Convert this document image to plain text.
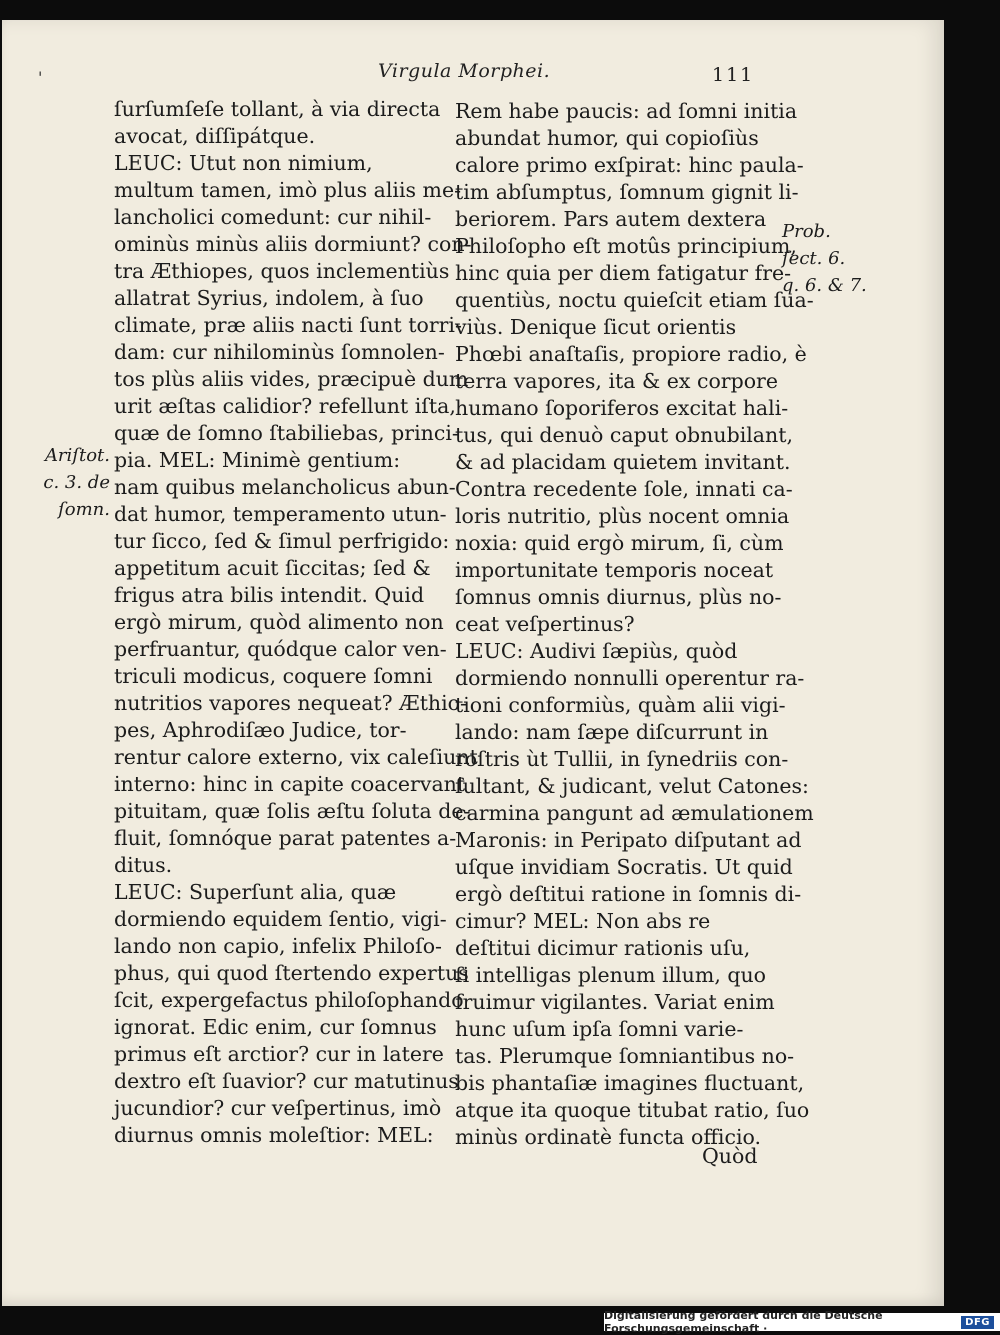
'	Virgula Morphei.	111
ſurſumſeſe tollant, à via directa
avocat, diſſipátque.
LEUC: Utut non nimium,
multum tamen, imò plus aliis me-
lancholici comedunt: cur nihil-
ominùs minùs aliis dormiunt? con-
tra Æthiopes, quos inclementiùs
allatrat Syrius, indolem, à ſuo
climate, præ aliis nacti ſunt torri-
dam: cur nihilominùs ſomnolen-
tos plùs aliis vides, præcipuè dum
urit æſtas calidior? refellunt iſta,
quæ de ſomno ſtabiliebas, princi-
pia. MEL: Minimè gentium:
nam quibus melancholicus abun-
dat humor, temperamento utun-
tur ſicco, ſed & ſimul perfrigido:
appetitum acuit ſiccitas; ſed &
frigus atra bilis intendit. Quid
ergò mirum, quòd alimento non
perfruantur, quódque calor ven-
triculi modicus, coquere ſomni
nutritios vapores nequeat? Æthio-
pes, Aphrodiſæo Judice, tor-
rentur calore externo, vix caleſiunt
interno: hinc in capite coacervant
pituitam, quæ ſolis æſtu ſoluta de-
fluit, ſomnóque parat patentes a-
ditus.
LEUC: Superſunt alia, quæ
dormiendo equidem ſentio, vigi-
lando non capio, infelix Philoſo-
phus, qui quod ſtertendo expertus
ſcit, expergefactus philoſophando
ignorat. Edic enim, cur ſomnus
primus eſt arctior? cur in latere
dextro eſt ſuavior? cur matutinus
jucundior? cur veſpertinus, imò
diurnus omnis moleſtior: MEL:
Rem habe paucis: ad ſomni initia
abundat humor, qui copioſiùs
calore primo exſpirat: hinc paula-
tim abſumptus, ſomnum gignit li-
beriorem. Pars autem dextera
Philoſopho eſt motûs principium,
hinc quia per diem fatigatur fre-
quentiùs, noctu quieſcit etiam ſua-
viùs. Denique ſicut orientis
Phœbi anaſtaſis, propiore radio, è
terra vapores, ita & ex corpore
humano ſoporiferos excitat hali-
tus, qui denuò caput obnubilant,
& ad placidam quietem invitant.
Contra recedente ſole, innati ca-
loris nutritio, plùs nocent omnia
noxia: quid ergò mirum, ſi, cùm
importunitate temporis noceat
ſomnus omnis diurnus, plùs no-
ceat veſpertinus?
LEUC: Audivi ſæpiùs, quòd
dormiendo nonnulli operentur ra-
tioni conformiùs, quàm alii vigi-
lando: nam ſæpe diſcurrunt in
roſtris ùt Tullii, in ſynedriis con-
ſultant, & judicant, velut Catones:
carmina pangunt ad æmulationem
Maronis: in Peripato diſputant ad
uſque invidiam Socratis. Ut quid
ergò deſtitui ratione in ſomnis di-
cimur? MEL: Non abs re
deſtitui dicimur rationis uſu,
ſi intelligas plenum illum, quo
fruimur vigilantes. Variat enim
hunc uſum ipſa ſomni varie-
tas. Plerumque ſomniantibus no-
bis phantaſiæ imagines fluctuant,
atque ita quoque titubat ratio, ſuo
minùs ordinatè functa officio.
Ariſtot.
c. 3. de
ſomn.
Prob.
ſect. 6.
q. 6. & 7.
Quòd
Digitalisierung gefördert durch die Deutsche Forschungsgemeinschaft ·	DFG
